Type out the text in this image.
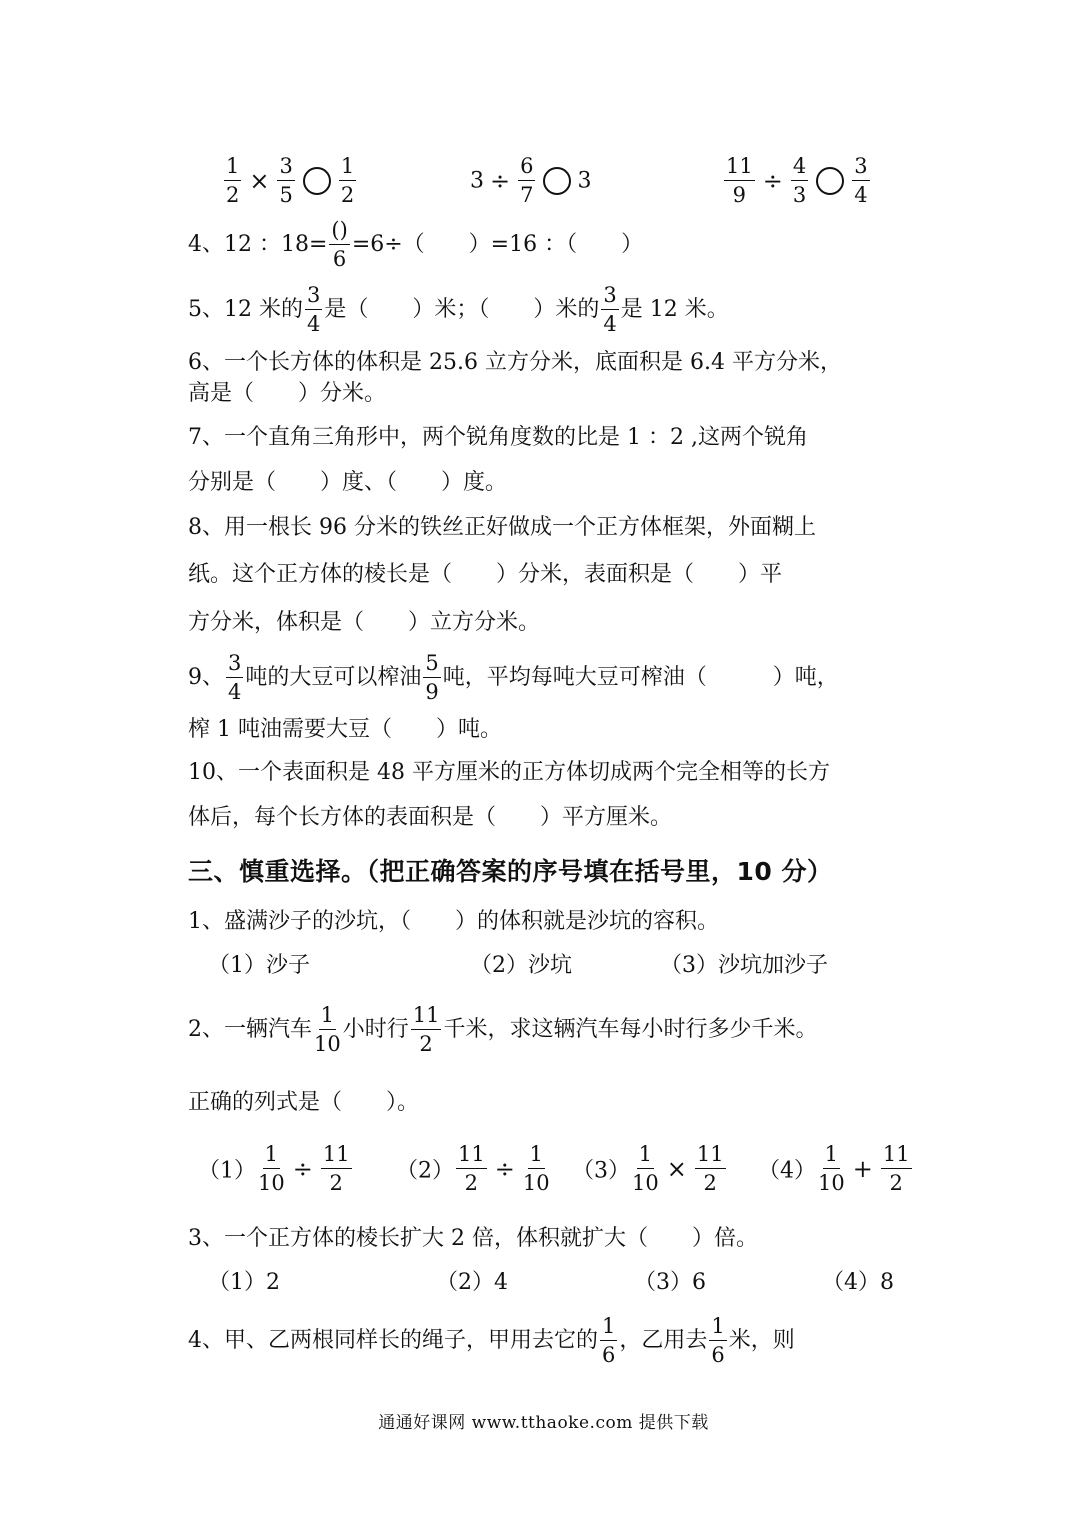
$\frac{1}{2} \times \frac{3}{5} \frac{1}{2}$	$3 \div \frac{6}{7} 3$	$\frac{11}{9} \div \frac{4}{3} \frac{3}{4}$
4、12 ：$18= \frac{()}{6} =6\div$（　　）=16 ：（　　）
5、12 米的 $\frac{3}{4}$ 是（　　）米；（　　）米的 $\frac{3}{4}$ 是 12 米。
6、一个长方体的体积是 25.6 立方分米，底面积是 6.4 平方分米，
高是（　　）分米。
7、一个直角三角形中，两个锐角度数的比是 1 ：2 ,这两个锐角
分别是（　　）度、（　　）度。
8、用一根长 96 分米的铁丝正好做成一个正方体框架，外面糊上
纸。这个正方体的棱长是（　　）分米，表面积是（　　）平
方分米，体积是（　　）立方分米。
9、 $\frac{3}{4}$ 吨的大豆可以榨油 $\frac{5}{9}$ 吨，平均每吨大豆可榨油（　　　）吨，
榨 1 吨油需要大豆（　　）吨。
10、一个表面积是 48 平方厘米的正方体切成两个完全相等的长方
体后，每个长方体的表面积是（　　）平方厘米。
三、慎重选择。（把正确答案的序号填在括号里，10 分）
1、盛满沙子的沙坑，（　　）的体积就是沙坑的容积。
（1）沙子	（2）沙坑	（3）沙坑加沙子
2、一辆汽车 $\frac{1}{10}$ 小时行 $\frac{11}{2}$ 千米，求这辆汽车每小时行多少千米。
正确的列式是（　　）。
$(1) \frac{1}{10} \div \frac{11}{2} (2) \frac{11}{2} \div \frac{1}{10} (3) \frac{1}{10} \times \frac{11}{2} (4) \frac{1}{10} + \frac{11}{2}$
3、一个正方体的棱长扩大 2 倍，体积就扩大（　　）倍。
（1）2	（2）4	（3）6	（4）8
4、甲、乙两根同样长的绳子，甲用去它的 $\frac{1}{6}$ ，乙用去 $\frac{1}{6}$ 米，则
通通好课网 www.tthaoke.com 提供下载
